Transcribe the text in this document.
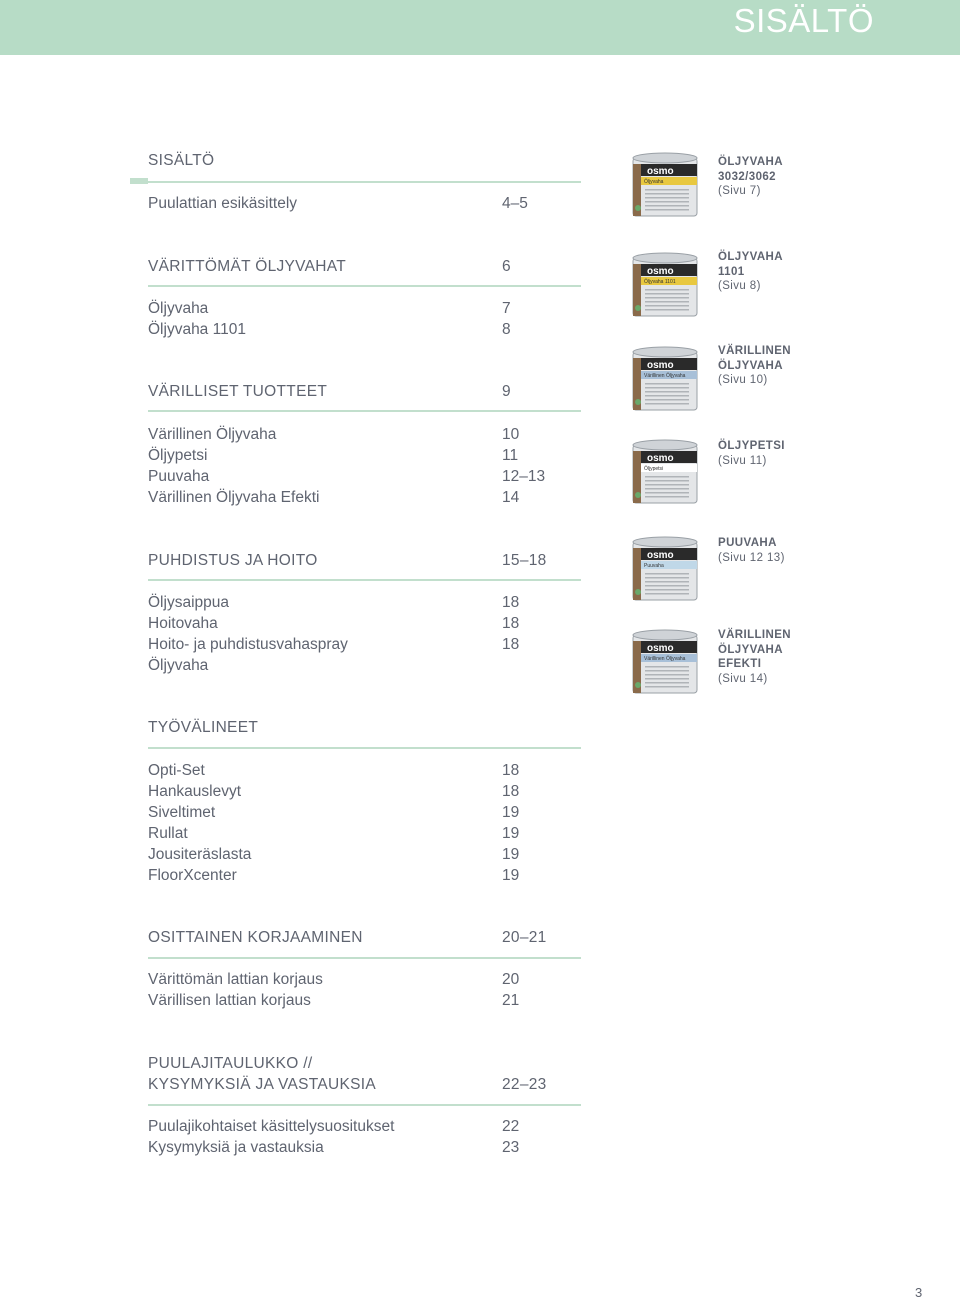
SISÄLTÖ
SISÄLTÖ
Puulattian esikäsittely	4–5
VÄRITTÖMÄT ÖLJYVAHAT	6
Öljyvaha	7
Öljyvaha 1101	8
VÄRILLISET TUOTTEET	9
Värillinen Öljyvaha	10
Öljypetsi	11
Puuvaha	12–13
Värillinen Öljyvaha Efekti	14
PUHDISTUS JA HOITO	15–18
Öljysaippua	18
Hoitovaha	18
Hoito- ja puhdistusvahaspray	18
Öljyvaha
TYÖVÄLINEET
Opti-Set	18
Hankauslevyt	18
Siveltimet	19
Rullat	19
Jousiteräslasta	19
FloorXcenter	19
OSITTAINEN KORJAAMINEN	20–21
Värittömän lattian korjaus	20
Värillisen lattian korjaus	21
PUULAJITAULUKKO //
KYSYMYKSIÄ JA VASTAUKSIA	22–23
Puulajikohtaiset käsittelysuositukset	22
Kysymyksiä ja vastauksia	23
osmo
Öljyvaha
ÖLJYVAHA
3032/3062
(Sivu 7)
osmo
Öljyvaha 1101
ÖLJYVAHA
1101
(Sivu 8)
osmo
Värillinen Öljyvaha
VÄRILLINEN
ÖLJYVAHA
(Sivu 10)
osmo
Öljypetsi
ÖLJYPETSI
(Sivu 11)
osmo
Puuvaha
PUUVAHA
(Sivu 12 13)
osmo
Värillinen Öljyvaha
VÄRILLINEN
ÖLJYVAHA
EFEKTI
(Sivu 14)
3
